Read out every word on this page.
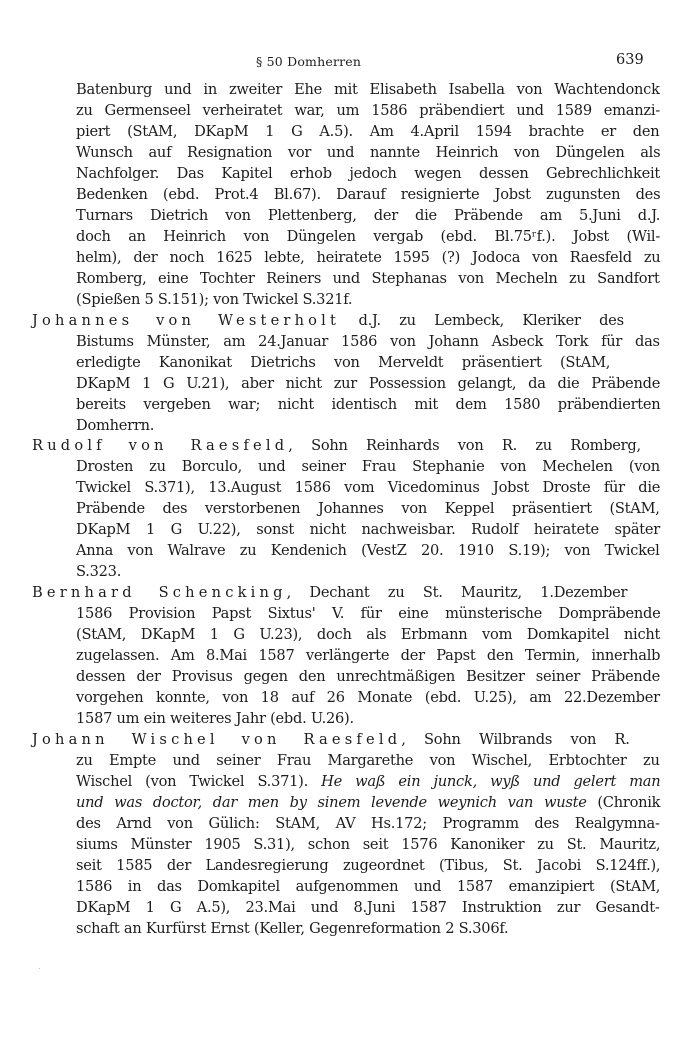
§ 50 Domherren	639
Batenburg und in zweiter Ehe mit Elisabeth Isabella von Wachtendonck
zu Germenseel verheiratet war, um 1586 präbendiert und 1589 emanzi-
piert (StAM, DKapM 1 G A.5). Am 4.April 1594 brachte er den
Wunsch auf Resignation vor und nannte Heinrich von Düngelen als
Nachfolger. Das Kapitel erhob jedoch wegen dessen Gebrechlichkeit
Bedenken (ebd. Prot.4 Bl.67). Darauf resignierte Jobst zugunsten des
Turnars Dietrich von Plettenberg, der die Präbende am 5.Juni d.J.
doch an Heinrich von Düngelen vergab (ebd. Bl.75ʳf.). Jobst (Wil-
helm), der noch 1625 lebte, heiratete 1595 (?) Jodoca von Raesfeld zu
Romberg, eine Tochter Reiners und Stephanas von Mecheln zu Sandfort
(Spießen 5 S.151); von Twickel S.321f.
Johannes von Westerholt d.J. zu Lembeck, Kleriker des
Bistums Münster, am 24.Januar 1586 von Johann Asbeck Tork für das
erledigte Kanonikat Dietrichs von Merveldt präsentiert (StAM,
DKapM 1 G U.21), aber nicht zur Possession gelangt, da die Präbende
bereits vergeben war; nicht identisch mit dem 1580 präbendierten
Domherrn.
Rudolf von Raesfeld, Sohn Reinhards von R. zu Romberg,
Drosten zu Borculo, und seiner Frau Stephanie von Mechelen (von
Twickel S.371), 13.August 1586 vom Vicedominus Jobst Droste für die
Präbende des verstorbenen Johannes von Keppel präsentiert (StAM,
DKapM 1 G U.22), sonst nicht nachweisbar. Rudolf heiratete später
Anna von Walrave zu Kendenich (VestZ 20. 1910 S.19); von Twickel
S.323.
Bernhard Schencking, Dechant zu St. Mauritz, 1.Dezember
1586 Provision Papst Sixtus' V. für eine münsterische Dompräbende
(StAM, DKapM 1 G U.23), doch als Erbmann vom Domkapitel nicht
zugelassen. Am 8.Mai 1587 verlängerte der Papst den Termin, innerhalb
dessen der Provisus gegen den unrechtmäßigen Besitzer seiner Präbende
vorgehen konnte, von 18 auf 26 Monate (ebd. U.25), am 22.Dezember
1587 um ein weiteres Jahr (ebd. U.26).
Johann Wischel von Raesfeld, Sohn Wilbrands von R.
zu Empte und seiner Frau Margarethe von Wischel, Erbtochter zu
Wischel (von Twickel S.371). He waß ein junck, wyß und gelert man
und was doctor, dar men by sinem levende weynich van wuste (Chronik
des Arnd von Gülich: StAM, AV Hs.172; Programm des Realgymna-
siums Münster 1905 S.31), schon seit 1576 Kanoniker zu St. Mauritz,
seit 1585 der Landesregierung zugeordnet (Tibus, St. Jacobi S.124ff.),
1586 in das Domkapitel aufgenommen und 1587 emanzipiert (StAM,
DKapM 1 G A.5), 23.Mai und 8.Juni 1587 Instruktion zur Gesandt-
schaft an Kurfürst Ernst (Keller, Gegenreformation 2 S.306f.
